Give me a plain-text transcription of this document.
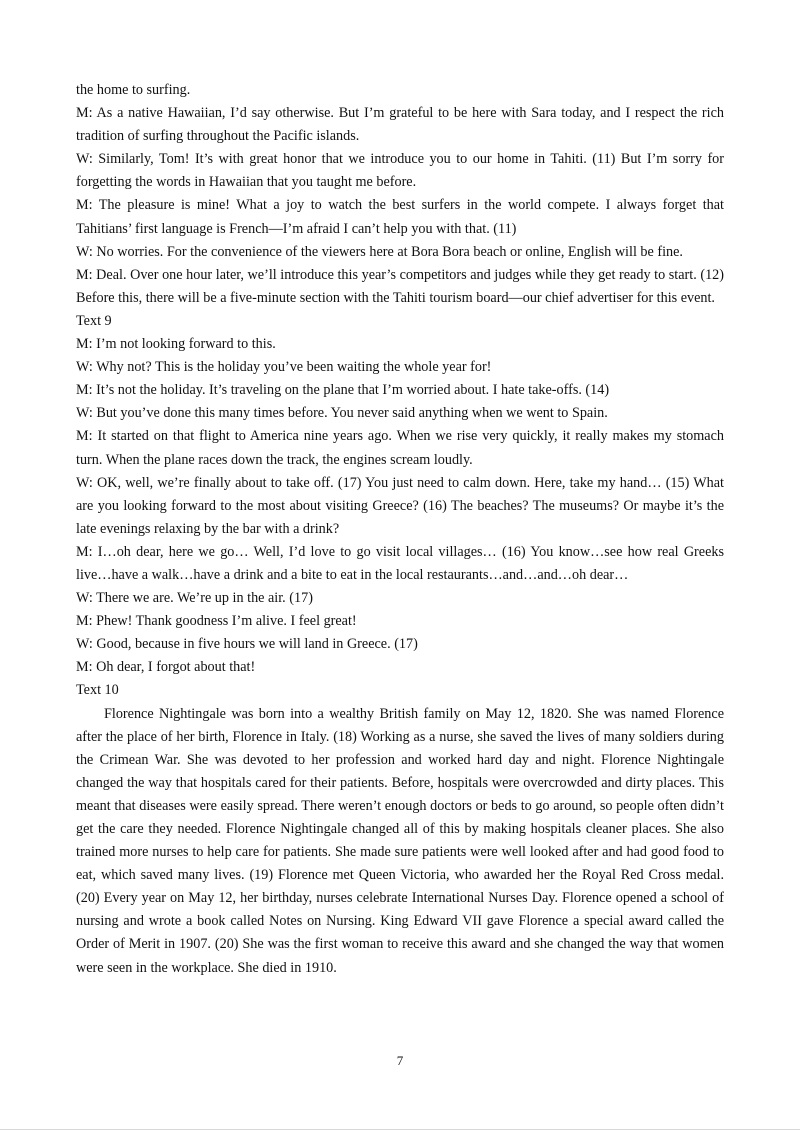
the home to surfing.

M: As a native Hawaiian, I’d say otherwise. But I’m grateful to be here with Sara today, and I respect the rich tradition of surfing throughout the Pacific islands.

W: Similarly, Tom! It’s with great honor that we introduce you to our home in Tahiti. (11) But I’m sorry for forgetting the words in Hawaiian that you taught me before.

M: The pleasure is mine! What a joy to watch the best surfers in the world compete. I always forget that Tahitians’ first language is French—I’m afraid I can’t help you with that. (11)

W: No worries. For the convenience of the viewers here at Bora Bora beach or online, English will be fine.

M: Deal. Over one hour later, we’ll introduce this year’s competitors and judges while they get ready to start. (12) Before this, there will be a five-minute section with the Tahiti tourism board—our chief advertiser for this event.

Text 9

M: I’m not looking forward to this.

W: Why not? This is the holiday you’ve been waiting the whole year for!

M: It’s not the holiday. It’s traveling on the plane that I’m worried about. I hate take-offs. (14)

W: But you’ve done this many times before. You never said anything when we went to Spain.

M: It started on that flight to America nine years ago. When we rise very quickly, it really makes my stomach turn. When the plane races down the track, the engines scream loudly.

W: OK, well, we’re finally about to take off. (17) You just need to calm down. Here, take my hand… (15) What are you looking forward to the most about visiting Greece? (16) The beaches? The museums? Or maybe it’s the late evenings relaxing by the bar with a drink?

M: I…oh dear, here we go… Well, I’d love to go visit local villages… (16) You know…see how real Greeks live…have a walk…have a drink and a bite to eat in the local restaurants…and…and…oh dear…

W: There we are. We’re up in the air. (17)

M: Phew! Thank goodness I’m alive. I feel great!

W: Good, because in five hours we will land in Greece. (17)

M: Oh dear, I forgot about that!

Text 10

Florence Nightingale was born into a wealthy British family on May 12, 1820. She was named Florence after the place of her birth, Florence in Italy. (18) Working as a nurse, she saved the lives of many soldiers during the Crimean War. She was devoted to her profession and worked hard day and night. Florence Nightingale changed the way that hospitals cared for their patients. Before, hospitals were overcrowded and dirty places. This meant that diseases were easily spread. There weren’t enough doctors or beds to go around, so people often didn’t get the care they needed. Florence Nightingale changed all of this by making hospitals cleaner places. She also trained more nurses to help care for patients. She made sure patients were well looked after and had good food to eat, which saved many lives. (19) Florence met Queen Victoria, who awarded her the Royal Red Cross medal. (20) Every year on May 12, her birthday, nurses celebrate International Nurses Day. Florence opened a school of nursing and wrote a book called Notes on Nursing. King Edward VII gave Florence a special award called the Order of Merit in 1907. (20) She was the first woman to receive this award and she changed the way that women were seen in the workplace. She died in 1910.

7
